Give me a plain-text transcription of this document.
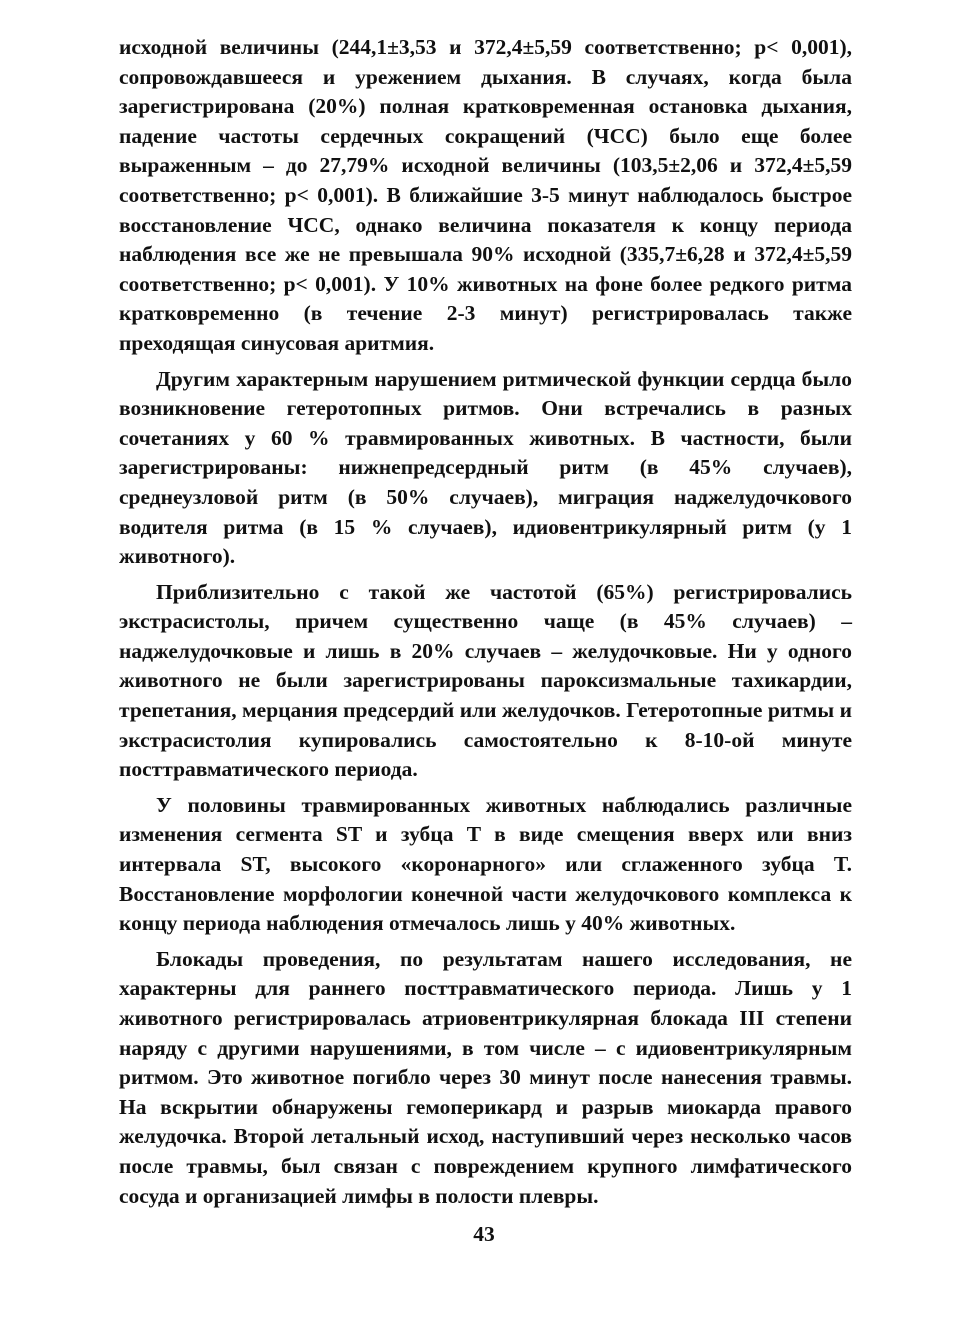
исходной величины (244,1±3,53 и 372,4±5,59 соответственно; p< 0,001), сопровождавшееся и урежением дыхания. В случаях, когда была зарегистрирована (20%) полная кратковременная остановка дыхания, падение частоты сердечных сокращений (ЧСС) было еще более выраженным – до 27,79% исходной величины (103,5±2,06 и 372,4±5,59 соответственно; p< 0,001). В ближайшие 3-5 минут наблюдалось быстрое восстановление ЧСС, однако величина показателя к концу периода наблюдения все же не превышала 90% исходной (335,7±6,28 и 372,4±5,59 соответственно; p< 0,001). У 10% животных на фоне более редкого ритма кратковременно (в течение 2-3 минут) регистрировалась также преходящая синусовая аритмия.

Другим характерным нарушением ритмической функции сердца было возникновение гетеротопных ритмов. Они встречались в разных сочетаниях у 60 % травмированных животных. В частности, были зарегистрированы: нижнепредсердный ритм (в 45% случаев), среднеузловой ритм (в 50% случаев), миграция наджелудочкового водителя ритма (в 15 % случаев), идиовентрикулярный ритм (у 1 животного).

Приблизительно с такой же частотой (65%) регистрировались экстрасистолы, причем существенно чаще (в 45% случаев) – наджелудочковые и лишь в 20% случаев – желудочковые. Ни у одного животного не были зарегистрированы пароксизмальные тахикардии, трепетания, мерцания предсердий или желудочков. Гетеротопные ритмы и экстрасистолия купировались самостоятельно к 8-10-ой минуте посттравматического периода.

У половины травмированных животных наблюдались различные изменения сегмента ST и зубца T в виде смещения вверх или вниз интервала ST, высокого «коронарного» или сглаженного зубца T. Восстановление морфологии конечной части желудочкового комплекса к концу периода наблюдения отмечалось лишь у 40% животных.

Блокады проведения, по результатам нашего исследования, не характерны для раннего посттравматического периода. Лишь у 1 животного регистрировалась атриовентрикулярная блокада III степени наряду с другими нарушениями, в том числе – с идиовентрикулярным ритмом. Это животное погибло через 30 минут после нанесения травмы. На вскрытии обнаружены гемоперикард и разрыв миокарда правого желудочка. Второй летальный исход, наступивший через несколько часов после травмы, был связан с повреждением крупного лимфатического сосуда и организацией лимфы в полости плевры.

43
